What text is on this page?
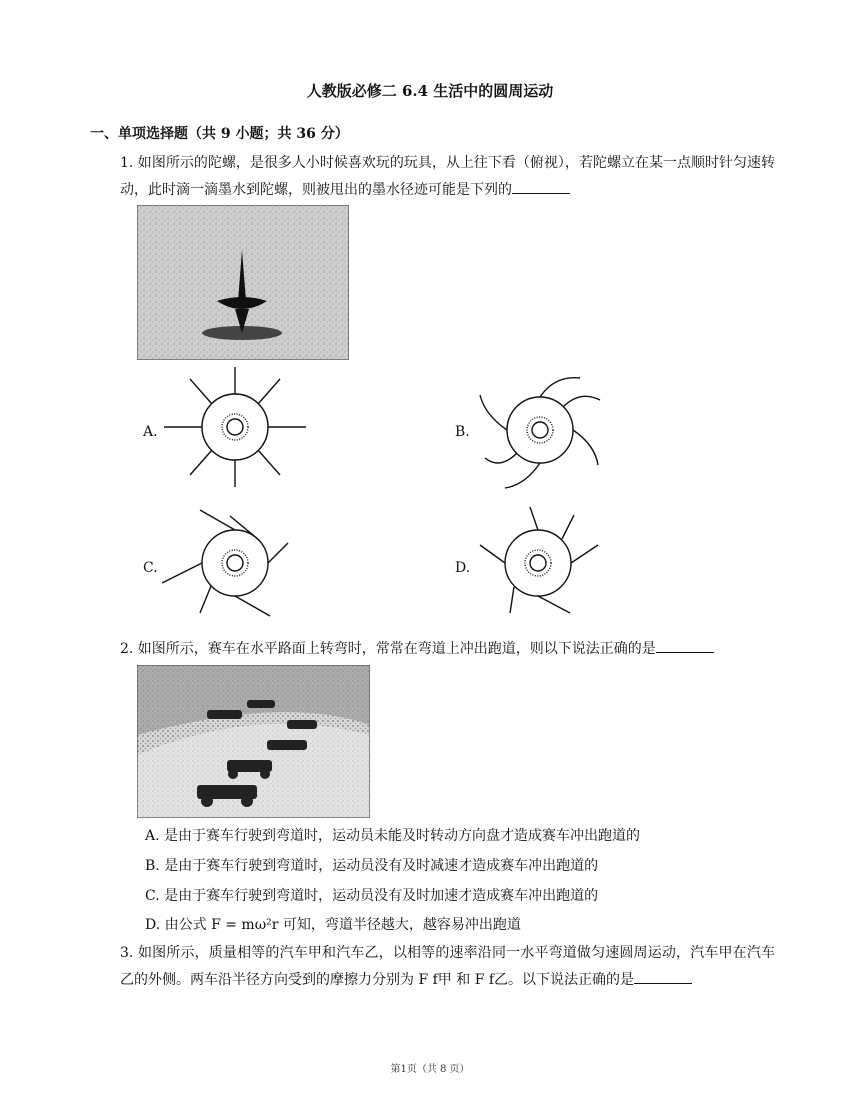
人教版必修二 6.4 生活中的圆周运动
一、单项选择题（共 9 小题；共 36 分）
1. 如图所示的陀螺，是很多人小时候喜欢玩的玩具，从上往下看（俯视），若陀螺立在某一点顺时针匀速转动，此时滴一滴墨水到陀螺，则被甩出的墨水径迹可能是下列的
A.	B.
C.	D.
2. 如图所示，赛车在水平路面上转弯时，常常在弯道上冲出跑道，则以下说法正确的是
A. 是由于赛车行驶到弯道时，运动员未能及时转动方向盘才造成赛车冲出跑道的
B. 是由于赛车行驶到弯道时，运动员没有及时减速才造成赛车冲出跑道的
C. 是由于赛车行驶到弯道时，运动员没有及时加速才造成赛车冲出跑道的
D. 由公式 F = mω²r 可知，弯道半径越大，越容易冲出跑道
3. 如图所示，质量相等的汽车甲和汽车乙，以相等的速率沿同一水平弯道做匀速圆周运动，汽车甲在汽车乙的外侧。两车沿半径方向受到的摩擦力分别为 F f甲 和 F f乙。以下说法正确的是
第1页（共 8 页）
